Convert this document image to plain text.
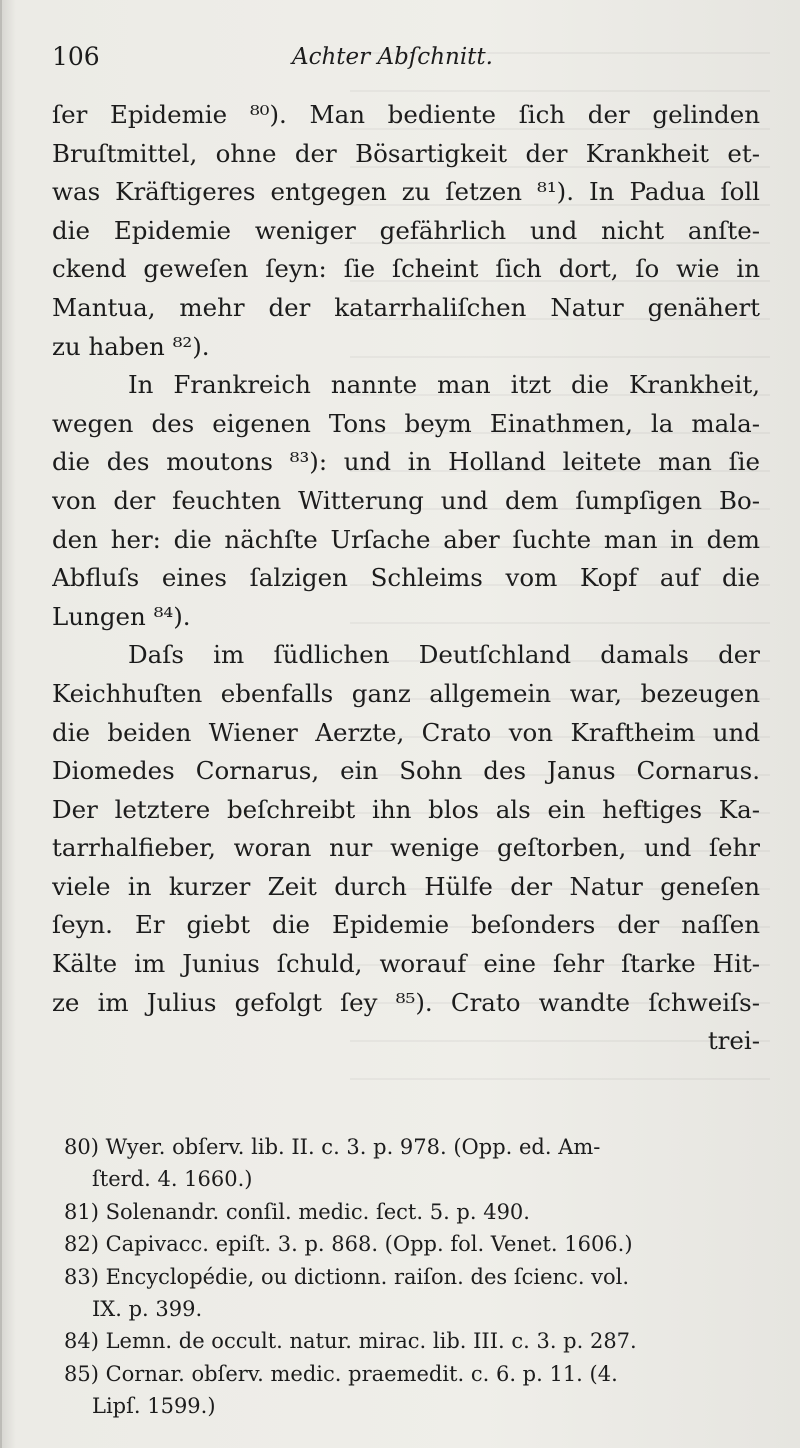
106	Achter Abſchnitt.
ſer Epidemie ⁸⁰). Man bediente ſich der gelinden
Bruſtmittel, ohne der Bösartigkeit der Krankheit et-
was Kräftigeres entgegen zu ſetzen ⁸¹). In Padua ſoll
die Epidemie weniger gefährlich und nicht anſte-
ckend geweſen ſeyn: ſie ſcheint ſich dort, ſo wie in
Mantua, mehr der katarrhaliſchen Natur genähert
zu haben ⁸²).
In Frankreich nannte man itzt die Krankheit,
wegen des eigenen Tons beym Einathmen, la mala-
die des moutons ⁸³): und in Holland leitete man ſie
von der feuchten Witterung und dem ſumpſigen Bo-
den her: die nächſte Urſache aber ſuchte man in dem
Abfluſs eines ſalzigen Schleims vom Kopf auf die
Lungen ⁸⁴).
Daſs im ſüdlichen Deutſchland damals der
Keichhuſten ebenfalls ganz allgemein war, bezeugen
die beiden Wiener Aerzte, Crato von Kraftheim und
Diomedes Cornarus, ein Sohn des Janus Cornarus.
Der letztere beſchreibt ihn blos als ein heftiges Ka-
tarrhalfieber, woran nur wenige geſtorben, und ſehr
viele in kurzer Zeit durch Hülfe der Natur geneſen
ſeyn. Er giebt die Epidemie beſonders der naſſen
Kälte im Junius ſchuld, worauf eine ſehr ſtarke Hit-
ze im Julius gefolgt ſey ⁸⁵). Crato wandte ſchweiſs-
trei-
80) Wyer. obſerv. lib. II. c. 3. p. 978. (Opp. ed. Am-
ſterd. 4. 1660.)
81) Solenandr. conſil. medic. ſect. 5. p. 490.
82) Capivacc. epiſt. 3. p. 868. (Opp. fol. Venet. 1606.)
83) Encyclopédie, ou dictionn. raiſon. des ſcienc. vol.
IX. p. 399.
84) Lemn. de occult. natur. mirac. lib. III. c. 3. p. 287.
85) Cornar. obſerv. medic. praemedit. c. 6. p. 11. (4.
Lipſ. 1599.)
